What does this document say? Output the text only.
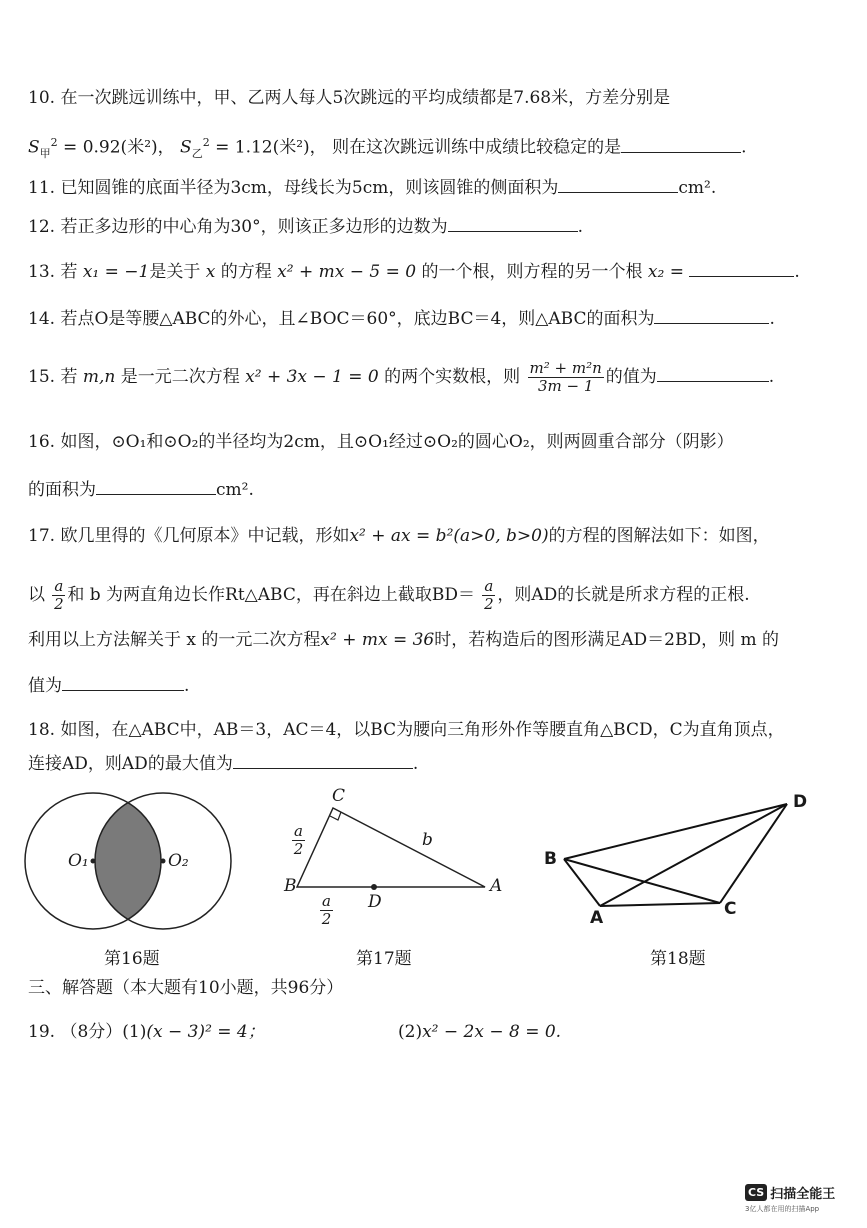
10. 在一次跳远训练中，甲、乙两人每人5次跳远的平均成绩都是7.68米，方差分别是
$S_甲^2 = 0.92$(米²)， $S_乙^2 = 1.12$(米²)， 则在这次跳远训练中成绩比较稳定的是	.
11. 已知圆锥的底面半径为3cm，母线长为5cm，则该圆锥的侧面积为	cm².
12. 若正多边形的中心角为30°，则该正多边形的边数为	.
13. 若 x₁ = −1是关于 x 的方程 x² + mx − 5 = 0 的一个根，则方程的另一个根 x₂ =	.
14. 若点O是等腰△ABC的外心，且∠BOC＝60°，底边BC＝4，则△ABC的面积为	.
15. 若 m,n 是一元二次方程 x² + 3x − 1 = 0 的两个实数根，则 $\frac{\text{m² + m²n}}{3m - 1}$ 的值为	.
16. 如图，⊙O₁和⊙O₂的半径均为2cm，且⊙O₁经过⊙O₂的圆心O₂，则两圆重合部分（阴影）
的面积为	cm².
17. 欧几里得的《几何原本》中记载，形如x² + ax = b²(a>0, b>0)的方程的图解法如下：如图，
以 $\frac{a}{2}$ 和 b 为两直角边长作Rt△ABC，再在斜边上截取$BD= \frac{a}{2}$ ，则AD的长就是所求方程的正根.
利用以上方法解关于 x 的一元二次方程x² + mx = 36时，若构造后的图形满足AD＝2BD，则 m 的
值为	.
18. 如图，在△ABC中，AB＝3，AC＝4，以BC为腰向三角形外作等腰直角△BCD，C为直角顶点，
连接AD，则AD的最大值为	.
O₁	O₂
第16题
C
B	A
D
b
$\frac{a}{2}$
$\frac{a}{2}$
第17题
B
A	C
D
第18题
三、解答题（本大题有10小题，共96分）
19. （8分）(1)(x − 3)² = 4；	(2)x² − 2x − 8 = 0.
CS 扫描全能王
3亿人都在用的扫描App
